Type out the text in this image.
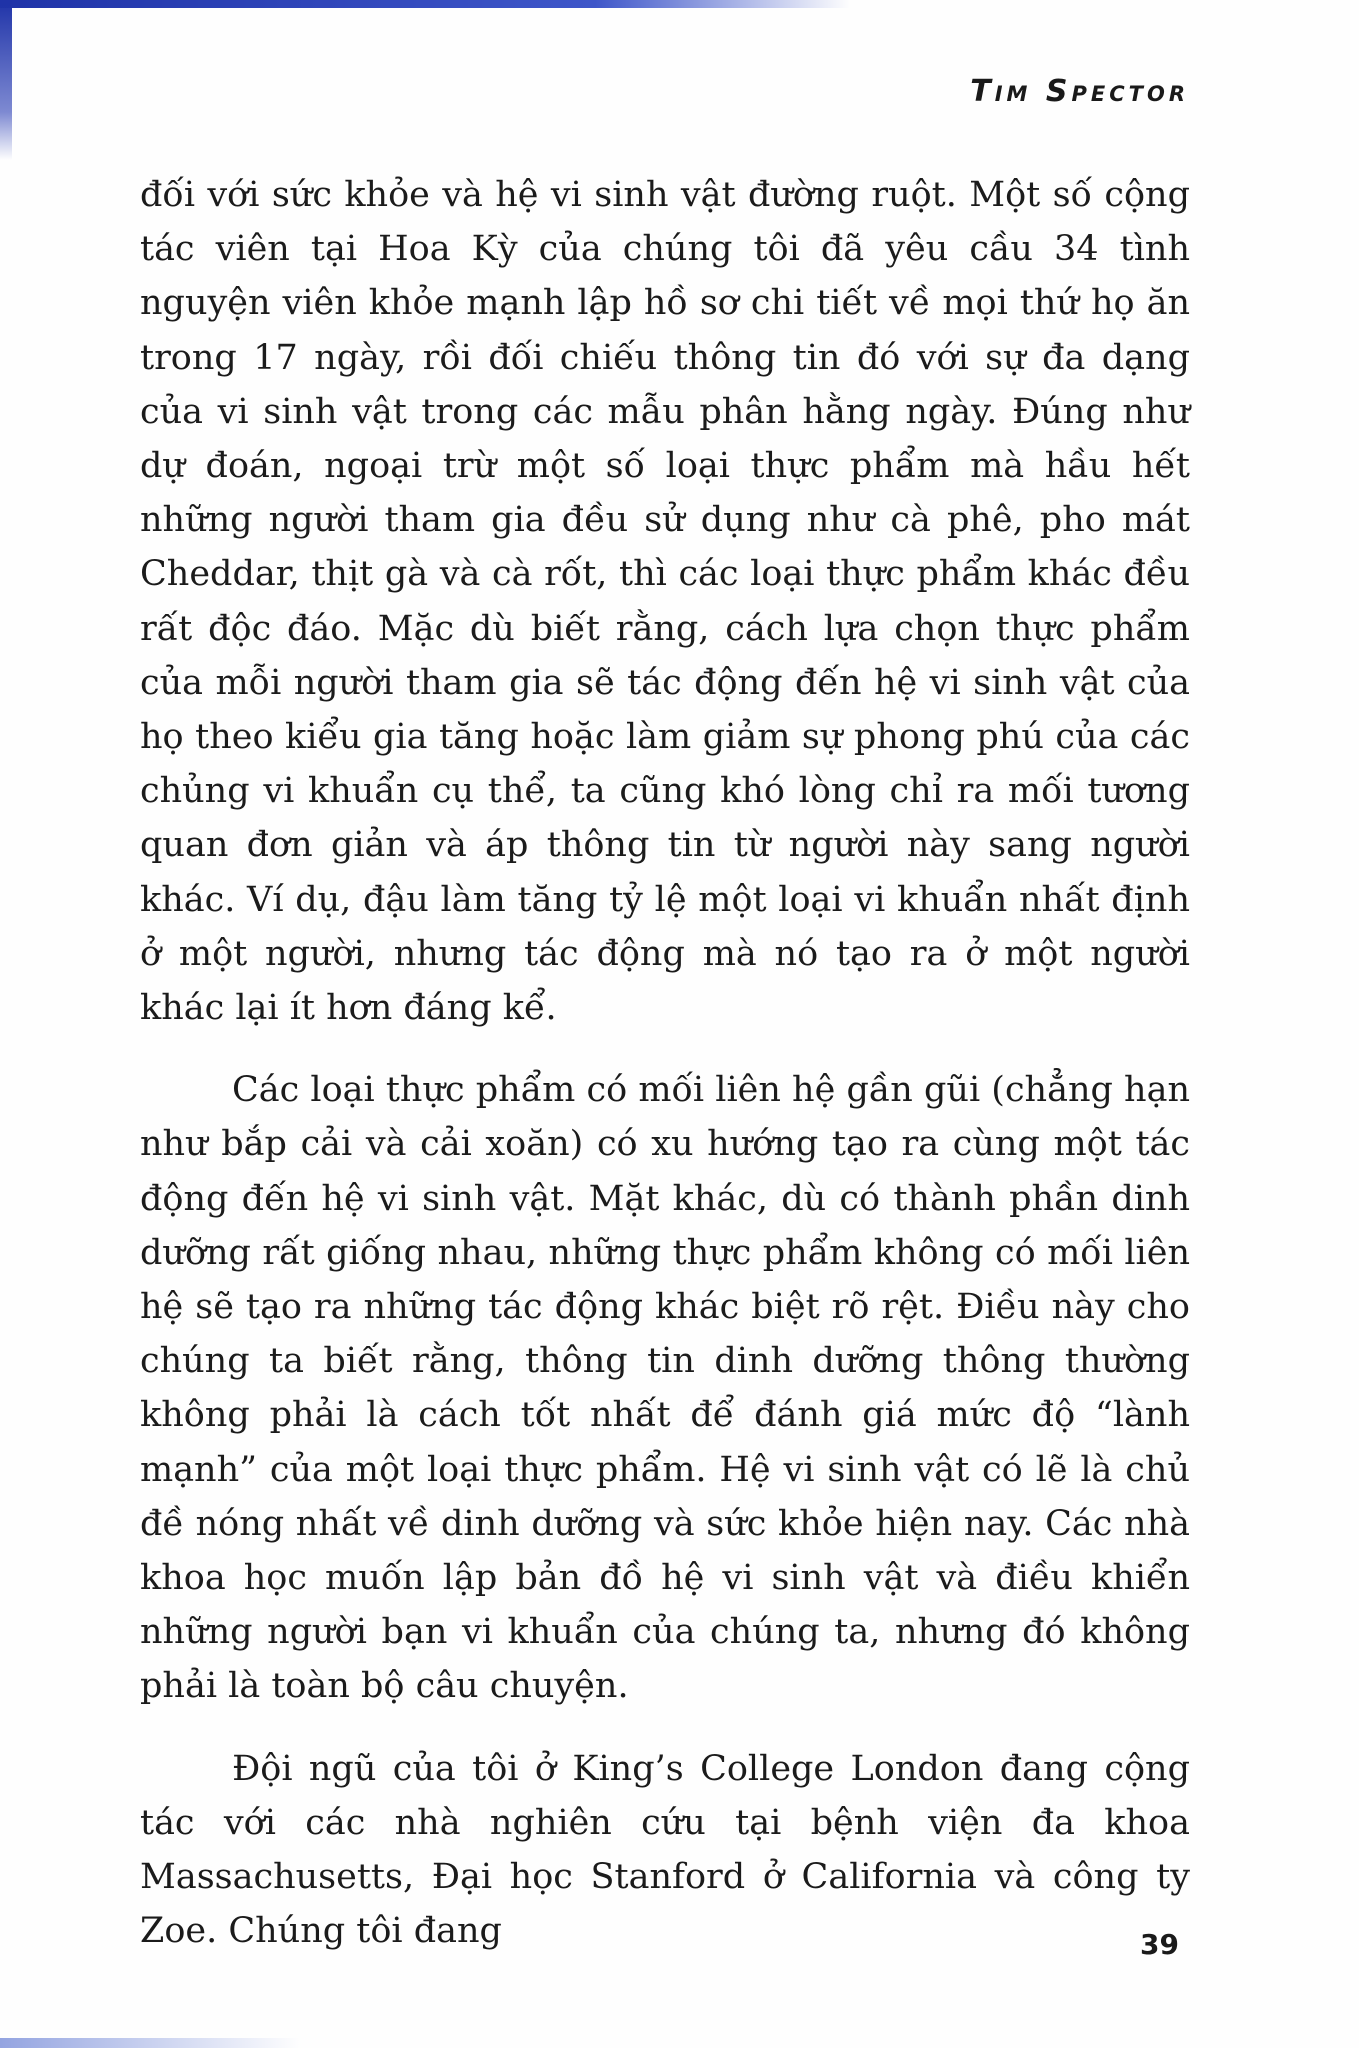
Tim Spector

đối với sức khỏe và hệ vi sinh vật đường ruột. Một số cộng tác viên tại Hoa Kỳ của chúng tôi đã yêu cầu 34 tình nguyện viên khỏe mạnh lập hồ sơ chi tiết về mọi thứ họ ăn trong 17 ngày, rồi đối chiếu thông tin đó với sự đa dạng của vi sinh vật trong các mẫu phân hằng ngày. Đúng như dự đoán, ngoại trừ một số loại thực phẩm mà hầu hết những người tham gia đều sử dụng như cà phê, pho mát Cheddar, thịt gà và cà rốt, thì các loại thực phẩm khác đều rất độc đáo. Mặc dù biết rằng, cách lựa chọn thực phẩm của mỗi người tham gia sẽ tác động đến hệ vi sinh vật của họ theo kiểu gia tăng hoặc làm giảm sự phong phú của các chủng vi khuẩn cụ thể, ta cũng khó lòng chỉ ra mối tương quan đơn giản và áp thông tin từ người này sang người khác. Ví dụ, đậu làm tăng tỷ lệ một loại vi khuẩn nhất định ở một người, nhưng tác động mà nó tạo ra ở một người khác lại ít hơn đáng kể.

Các loại thực phẩm có mối liên hệ gần gũi (chẳng hạn như bắp cải và cải xoăn) có xu hướng tạo ra cùng một tác động đến hệ vi sinh vật. Mặt khác, dù có thành phần dinh dưỡng rất giống nhau, những thực phẩm không có mối liên hệ sẽ tạo ra những tác động khác biệt rõ rệt. Điều này cho chúng ta biết rằng, thông tin dinh dưỡng thông thường không phải là cách tốt nhất để đánh giá mức độ “lành mạnh” của một loại thực phẩm. Hệ vi sinh vật có lẽ là chủ đề nóng nhất về dinh dưỡng và sức khỏe hiện nay. Các nhà khoa học muốn lập bản đồ hệ vi sinh vật và điều khiển những người bạn vi khuẩn của chúng ta, nhưng đó không phải là toàn bộ câu chuyện.

Đội ngũ của tôi ở King’s College London đang cộng tác với các nhà nghiên cứu tại bệnh viện đa khoa Massachusetts, Đại học Stanford ở California và công ty Zoe. Chúng tôi đang	39
